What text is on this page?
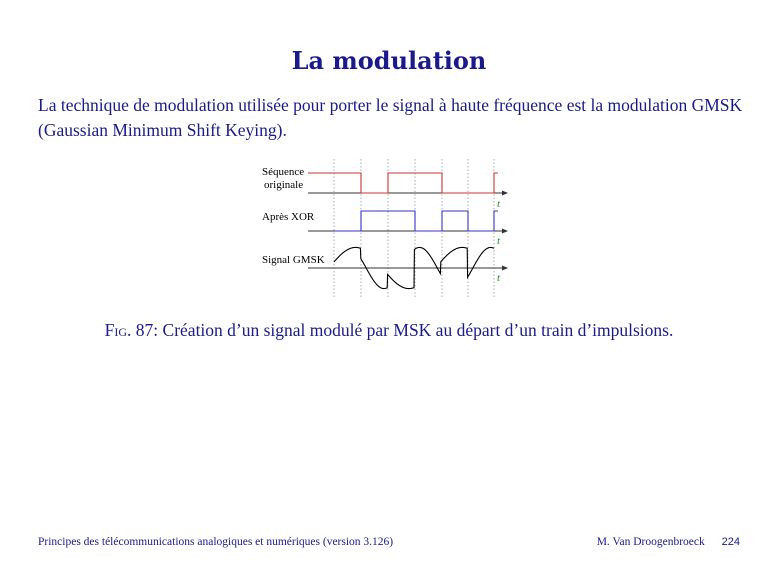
La modulation
La technique de modulation utilisée pour porter le signal à haute fréquence est la modulation GMSK (Gaussian Minimum Shift Keying).
Séquence
originale
Après XOR
Signal GMSK
t
t
t
Fig. 87: Création d’un signal modulé par MSK au départ d’un train d’impulsions.
Principes des télécommunications analogiques et numériques (version 3.126)	M. Van Droogenbroeck 224
